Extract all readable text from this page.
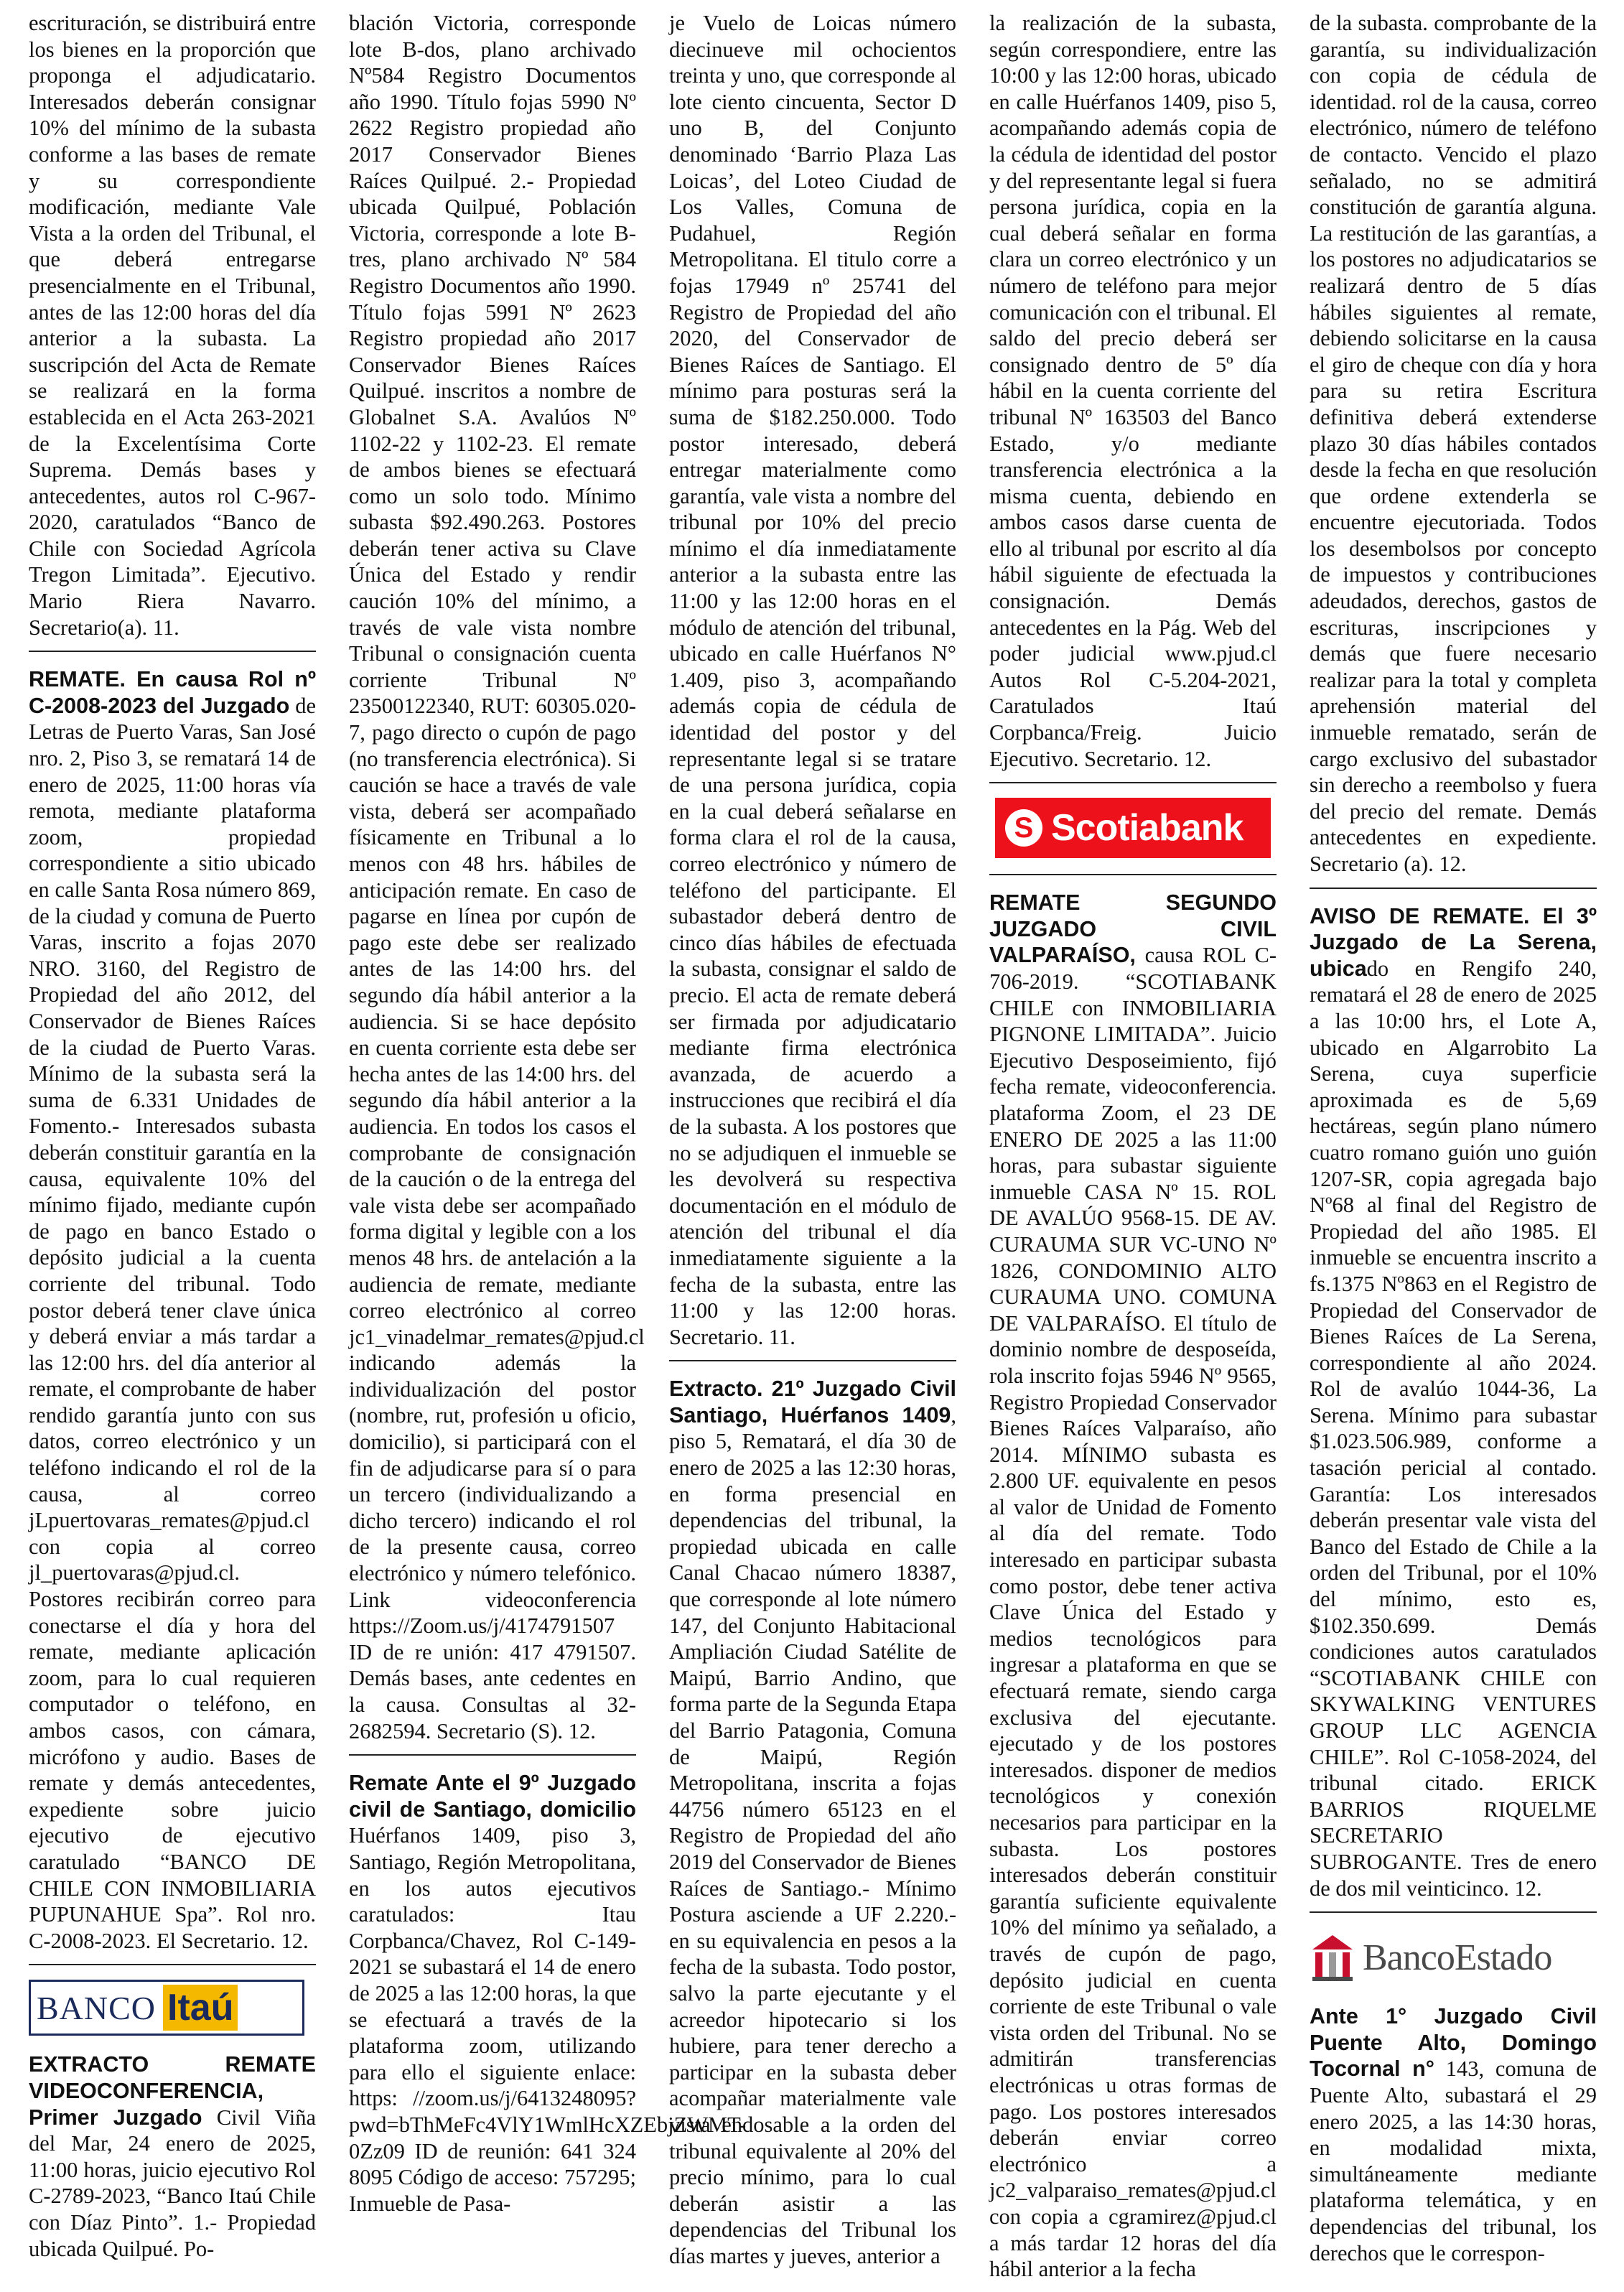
escrituración, se distribuirá entre los bienes en la proporción que proponga el adjudicatario. Interesados deberán consignar 10% del mínimo de la subasta conforme a las bases de remate y su correspondiente modificación, mediante Vale Vista a la orden del Tribunal, el que deberá entregarse presencialmente en el Tribunal, antes de las 12:00 horas del día anterior a la subasta. La suscripción del Acta de Remate se realizará en la forma establecida en el Acta 263-2021 de la Excelentísima Corte Suprema. Demás bases y antecedentes, autos rol C-967-2020, caratulados “Banco de Chile con Sociedad Agrícola Tregon Limitada”. Ejecutivo. Mario Riera Navarro. Secretario(a). 11.

REMATE. En causa Rol nº C-2008-2023 del Juzgado de Letras de Puerto Varas, San José nro. 2, Piso 3, se rematará 14 de enero de 2025, 11:00 horas vía remota, mediante plataforma zoom, propiedad correspondiente a sitio ubicado en calle Santa Rosa número 869, de la ciudad y comuna de Puerto Varas, inscrito a fojas 2070 NRO. 3160, del Registro de Propiedad del año 2012, del Conservador de Bienes Raíces de la ciudad de Puerto Varas. Mínimo de la subasta será la suma de 6.331 Unidades de Fomento.- Interesados subasta deberán constituir garantía en la causa, equivalente 10% del mínimo fijado, mediante cupón de pago en banco Estado o depósito judicial a la cuenta corriente del tribunal. Todo postor deberá tener clave única y deberá enviar a más tardar a las 12:00 hrs. del día anterior al remate, el comprobante de haber rendido garantía junto con sus datos, correo electrónico y un teléfono indicando el rol de la causa, al correo jLpuertovaras_remates@pjud.cl con copia al correo jl_puertovaras@pjud.cl. Postores recibirán correo para conectarse el día y hora del remate, mediante aplicación zoom, para lo cual requieren computador o teléfono, en ambos casos, con cámara, micrófono y audio. Bases de remate y demás antecedentes, expediente sobre juicio ejecutivo de ejecutivo caratulado “BANCO DE CHILE CON INMOBILIARIA PUPUNAHUE Spa”. Rol nro. C-2008-2023. El Secretario. 12.

BANCO Itaú

EXTRACTO REMATE VIDEOCONFERENCIA, Primer Juzgado Civil Viña del Mar, 24 enero de 2025, 11:00 horas, juicio ejecutivo Rol C-2789-2023, “Banco Itaú Chile con Díaz Pinto”. 1.- Propiedad ubicada Quilpué. Po-

blación Victoria, corresponde lote B-dos, plano archivado Nº584 Registro Documentos año 1990. Título fojas 5990 Nº 2622 Registro propiedad año 2017 Conservador Bienes Raíces Quilpué. 2.- Propiedad ubicada Quilpué, Población Victoria, corresponde a lote B-tres, plano archivado Nº 584 Registro Documentos año 1990. Título fojas 5991 Nº 2623 Registro propiedad año 2017 Conservador Bienes Raíces Quilpué. inscritos a nombre de Globalnet S.A. Avalúos Nº 1102-22 y 1102-23. El remate de ambos bienes se efectuará como un solo todo. Mínimo subasta $92.490.263. Postores deberán tener activa su Clave Única del Estado y rendir caución 10% del mínimo, a través de vale vista nombre Tribunal o consignación cuenta corriente Tribunal Nº 23500122340, RUT: 60305.020-7, pago directo o cupón de pago (no transferencia electrónica). Si caución se hace a través de vale vista, deberá ser acompañado físicamente en Tribunal a lo menos con 48 hrs. hábiles de anticipación remate. En caso de pagarse en línea por cupón de pago este debe ser realizado antes de las 14:00 hrs. del segundo día hábil anterior a la audiencia. Si se hace depósito en cuenta corriente esta debe ser hecha antes de las 14:00 hrs. del segundo día hábil anterior a la audiencia. En todos los casos el comprobante de consignación de la caución o de la entrega del vale vista debe ser acompañado forma digital y legible con a los menos 48 hrs. de antelación a la audiencia de remate, mediante correo electrónico al correo jc1_vinadelmar_remates@pjud.cl indicando además la individualización del postor (nombre, rut, profesión u oficio, domicilio), si participará con el fin de adjudicarse para sí o para un tercero (individualizando a dicho tercero) indicando el rol de la presente causa, correo electrónico y número telefónico. Link videoconferencia https://Zoom.us/j/4174791507 ID de re unión: 417 4791507. Demás bases, ante cedentes en la causa. Consultas al 32-2682594. Secretario (S). 12.

Remate Ante el 9º Juzgado civil de Santiago, domicilio Huérfanos 1409, piso 3, Santiago, Región Metropolitana, en los autos ejecutivos caratulados: Itau Corpbanca/Chavez, Rol C-149-2021 se subastará el 14 de enero de 2025 a las 12:00 horas, la que se efectuará a través de la plataforma zoom, utilizando para ello el siguiente enlace: https: //zoom.us/j/6413248095?pwd=bThMeFc4VlY1WmlHcXZEbjZWMT-0Zz09 ID de reunión: 641 324 8095 Código de acceso: 757295; Inmueble de Pasa-

je Vuelo de Loicas número diecinueve mil ochocientos treinta y uno, que corresponde al lote ciento cincuenta, Sector D uno B, del Conjunto denominado ‘Barrio Plaza Las Loicas’, del Loteo Ciudad de Los Valles, Comuna de Pudahuel, Región Metropolitana. El titulo corre a fojas 17949 nº 25741 del Registro de Propiedad del año 2020, del Conservador de Bienes Raíces de Santiago. El mínimo para posturas será la suma de $182.250.000. Todo postor interesado, deberá entregar materialmente como garantía, vale vista a nombre del tribunal por 10% del precio mínimo el día inmediatamente anterior a la subasta entre las 11:00 y las 12:00 horas en el módulo de atención del tribunal, ubicado en calle Huérfanos N° 1.409, piso 3, acompañando además copia de cédula de identidad del postor y del representante legal si se tratare de una persona jurídica, copia en la cual deberá señalarse en forma clara el rol de la causa, correo electrónico y número de teléfono del participante. El subastador deberá dentro de cinco días hábiles de efectuada la subasta, consignar el saldo de precio. El acta de remate deberá ser firmada por adjudicatario mediante firma electrónica avanzada, de acuerdo a instrucciones que recibirá el día de la subasta. A los postores que no se adjudiquen el inmueble se les devolverá su respectiva documentación en el módulo de atención del tribunal el día inmediatamente siguiente a la fecha de la subasta, entre las 11:00 y las 12:00 horas. Secretario. 11.

Extracto. 21º Juzgado Civil Santiago, Huérfanos 1409, piso 5, Rematará, el día 30 de enero de 2025 a las 12:30 horas, en forma presencial en dependencias del tribunal, la propiedad ubicada en calle Canal Chacao número 18387, que corresponde al lote número 147, del Conjunto Habitacional Ampliación Ciudad Satélite de Maipú, Barrio Andino, que forma parte de la Segunda Etapa del Barrio Patagonia, Comuna de Maipú, Región Metropolitana, inscrita a fojas 44756 número 65123 en el Registro de Propiedad del año 2019 del Conservador de Bienes Raíces de Santiago.- Mínimo Postura asciende a UF 2.220.- en su equivalencia en pesos a la fecha de la subasta. Todo postor, salvo la parte ejecutante y el acreedor hipotecario si los hubiere, para tener derecho a participar en la subasta deber acompañar materialmente vale vista endosable a la orden del tribunal equivalente al 20% del precio mínimo, para lo cual deberán asistir a las dependencias del Tribunal los días martes y jueves, anterior a

la realización de la subasta, según correspondiere, entre las 10:00 y las 12:00 horas, ubicado en calle Huérfanos 1409, piso 5, acompañando además copia de la cédula de identidad del postor y del representante legal si fuera persona jurídica, copia en la cual deberá señalar en forma clara un correo electrónico y un número de teléfono para mejor comunicación con el tribunal. El saldo del precio deberá ser consignado dentro de 5º día hábil en la cuenta corriente del tribunal Nº 163503 del Banco Estado, y/o mediante transferencia electrónica a la misma cuenta, debiendo en ambos casos darse cuenta de ello al tribunal por escrito al día hábil siguiente de efectuada la consignación. Demás antecedentes en la Pág. Web del poder judicial www.pjud.cl Autos Rol C-5.204-2021, Caratulados Itaú Corpbanca/Freig. Juicio Ejecutivo. Secretario. 12.

S Scotiabank

REMATE SEGUNDO JUZGADO CIVIL VALPARAÍSO, causa ROL C-706-2019. “SCOTIABANK CHILE con INMOBILIARIA PIGNONE LIMITADA”. Juicio Ejecutivo Desposeimiento, fijó fecha remate, videoconferencia. plataforma Zoom, el 23 DE ENERO DE 2025 a las 11:00 horas, para subastar siguiente inmueble CASA Nº 15. ROL DE AVALÚO 9568-15. DE AV. CURAUMA SUR VC-UNO Nº 1826, CONDOMINIO ALTO CURAUMA UNO. COMUNA DE VALPARAÍSO. El título de dominio nombre de desposeída, rola inscrito fojas 5946 Nº 9565, Registro Propiedad Conservador Bienes Raíces Valparaíso, año 2014. MÍNIMO subasta es 2.800 UF. equivalente en pesos al valor de Unidad de Fomento al día del remate. Todo interesado en participar subasta como postor, debe tener activa Clave Única del Estado y medios tecnológicos para ingresar a plataforma en que se efectuará remate, siendo carga exclusiva del ejecutante. ejecutado y de los postores interesados. disponer de medios tecnológicos y conexión necesarios para participar en la subasta. Los postores interesados deberán constituir garantía suficiente equivalente 10% del mínimo ya señalado, a través de cupón de pago, depósito judicial en cuenta corriente de este Tribunal o vale vista orden del Tribunal. No se admitirán transferencias electrónicas u otras formas de pago. Los postores interesados deberán enviar correo electrónico a jc2_valparaiso_remates@pjud.cl con copia a cgramirez@pjud.cl a más tardar 12 horas del día hábil anterior a la fecha

de la subasta. comprobante de la garantía, su individualización con copia de cédula de identidad. rol de la causa, correo electrónico, número de teléfono de contacto. Vencido el plazo señalado, no se admitirá constitución de garantía alguna. La restitución de las garantías, a los postores no adjudicatarios se realizará dentro de 5 días hábiles siguientes al remate, debiendo solicitarse en la causa el giro de cheque con día y hora para su retira Escritura definitiva deberá extenderse plazo 30 días hábiles contados desde la fecha en que resolución que ordene extenderla se encuentre ejecutoriada. Todos los desembolsos por concepto de impuestos y contribuciones adeudados, derechos, gastos de escrituras, inscripciones y demás que fuere necesario realizar para la total y completa aprehensión material del inmueble rematado, serán de cargo exclusivo del subastador sin derecho a reembolso y fuera del precio del remate. Demás antecedentes en expediente. Secretario (a). 12.

AVISO DE REMATE. El 3º Juzgado de La Serena, ubicado en Rengifo 240, rematará el 28 de enero de 2025 a las 10:00 hrs, el Lote A, ubicado en Algarrobito La Serena, cuya superficie aproximada es de 5,69 hectáreas, según plano número cuatro romano guión uno guión 1207-SR, copia agregada bajo Nº68 al final del Registro de Propiedad del año 1985. El inmueble se encuentra inscrito a fs.1375 Nº863 en el Registro de Propiedad del Conservador de Bienes Raíces de La Serena, correspondiente al año 2024. Rol de avalúo 1044-36, La Serena. Mínimo para subastar $1.023.506.989, conforme a tasación pericial al contado. Garantía: Los interesados deberán presentar vale vista del Banco del Estado de Chile a la orden del Tribunal, por el 10% del mínimo, esto es, $102.350.699. Demás condiciones autos caratulados “SCOTIABANK CHILE con SKYWALKING VENTURES GROUP LLC AGENCIA CHILE”. Rol C-1058-2024, del tribunal citado. ERICK BARRIOS RIQUELME SECRETARIO SUBROGANTE. Tres de enero de dos mil veinticinco. 12.

BancoEstado

Ante 1° Juzgado Civil Puente Alto, Domingo Tocornal n° 143, comuna de Puente Alto, subastará el 29 enero 2025, a las 14:30 horas, en modalidad mixta, simultáneamente mediante plataforma telemática, y en dependencias del tribunal, los derechos que le correspon-
